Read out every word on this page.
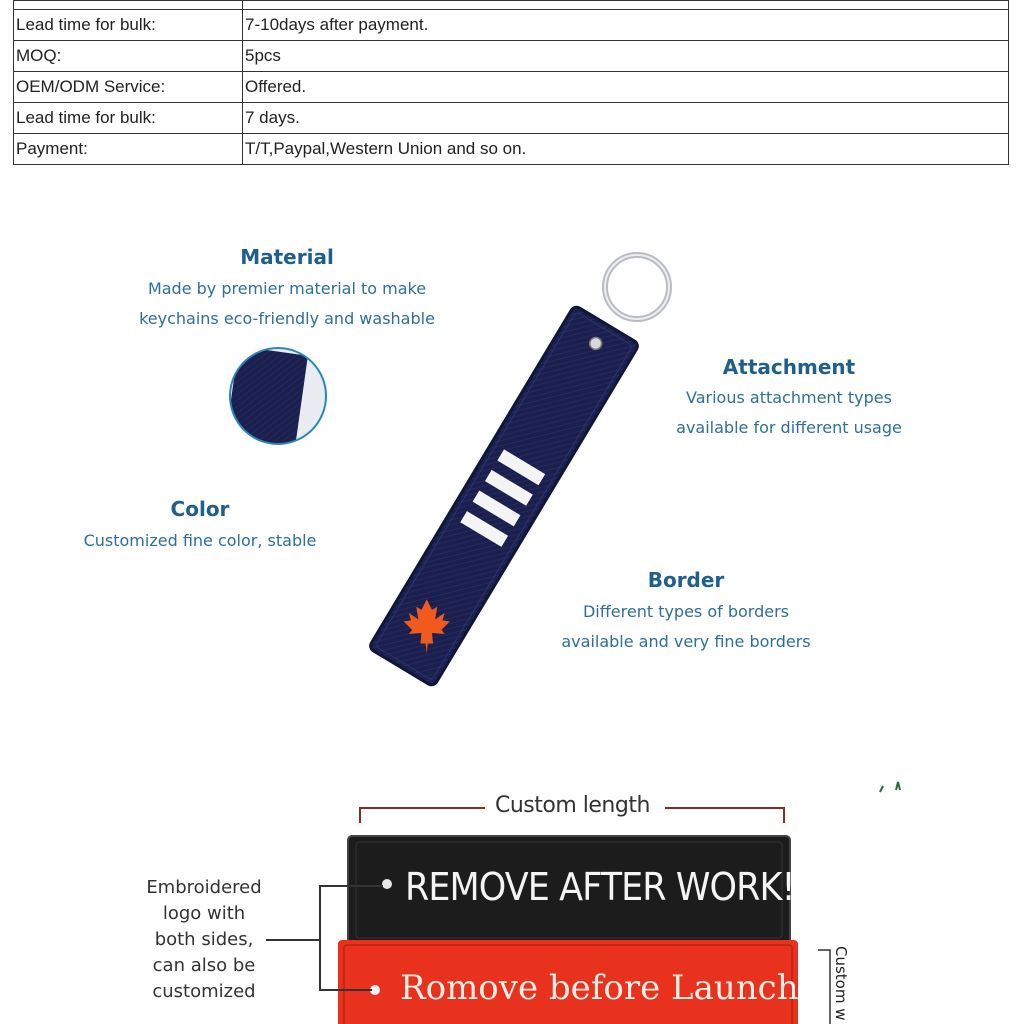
Lead time for bulk:	7-10days after payment.
MOQ:	5pcs
OEM/ODM Service:	Offered.
Lead time for bulk:	7 days.
Payment:	T/T,Paypal,Western Union and so on.
Material
Made by premier material to make
keychains eco-friendly and washable
Attachment
Various attachment types
available for different usage
Color
Customized fine color, stable
Border
Different types of borders
available and very fine borders
Custom length
Embroidered
logo with
both sides,
can also be
customized
REMOVE AFTER WORK!
Romove before Launch Custom w
